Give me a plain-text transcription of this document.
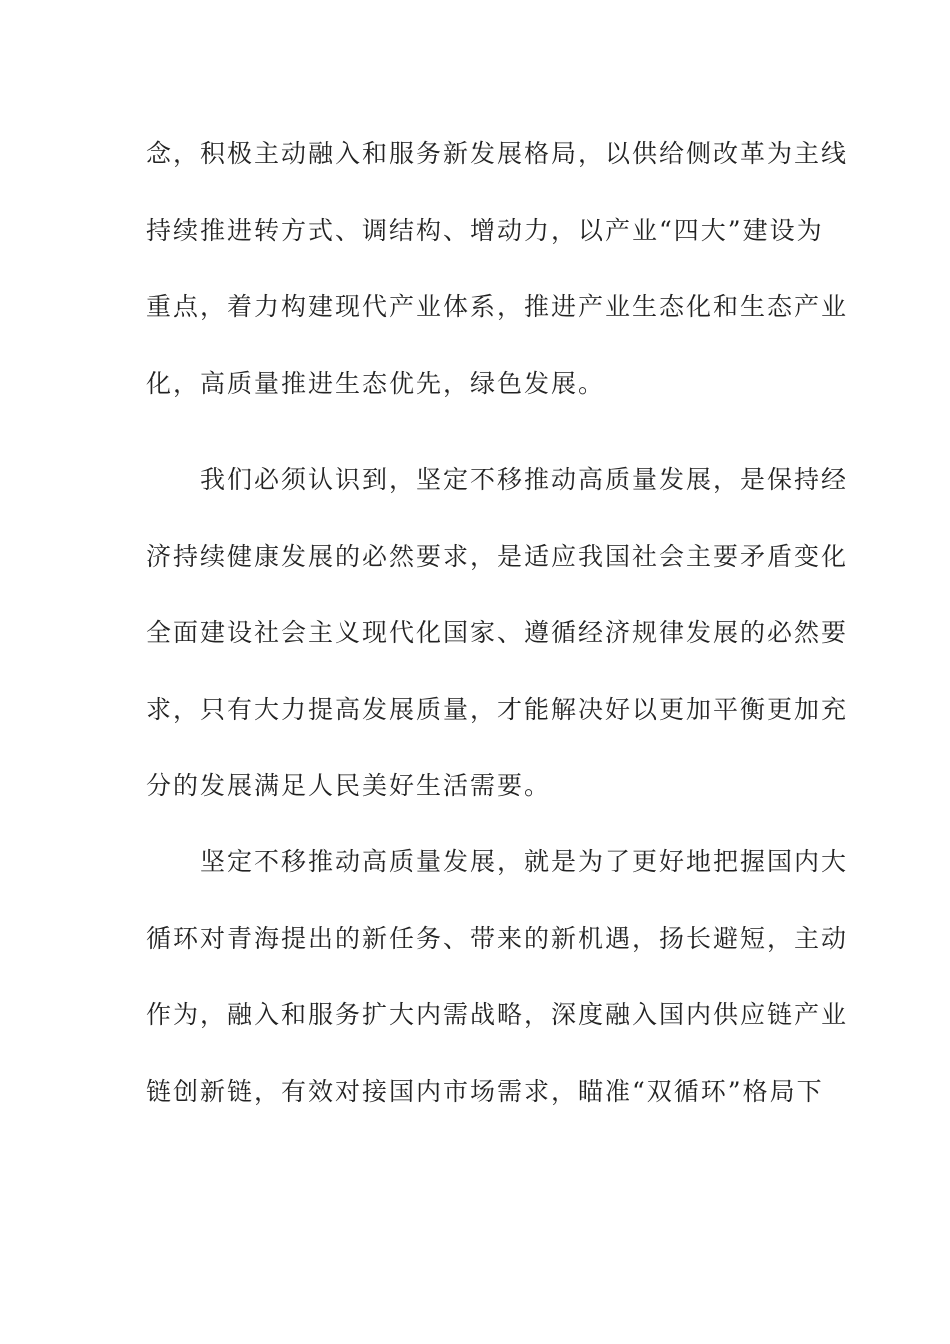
念，积极主动融入和服务新发展格局，以供给侧改革为主线
持续推进转方式、调结构、增动力，以产业“四大”建设为
重点，着力构建现代产业体系，推进产业生态化和生态产业
化，高质量推进生态优先，绿色发展。
我们必须认识到，坚定不移推动高质量发展，是保持经
济持续健康发展的必然要求，是适应我国社会主要矛盾变化
全面建设社会主义现代化国家、遵循经济规律发展的必然要
求，只有大力提高发展质量，才能解决好以更加平衡更加充
分的发展满足人民美好生活需要。
坚定不移推动高质量发展，就是为了更好地把握国内大
循环对青海提出的新任务、带来的新机遇，扬长避短，主动
作为，融入和服务扩大内需战略，深度融入国内供应链产业
链创新链，有效对接国内市场需求，瞄准“双循环”格局下
